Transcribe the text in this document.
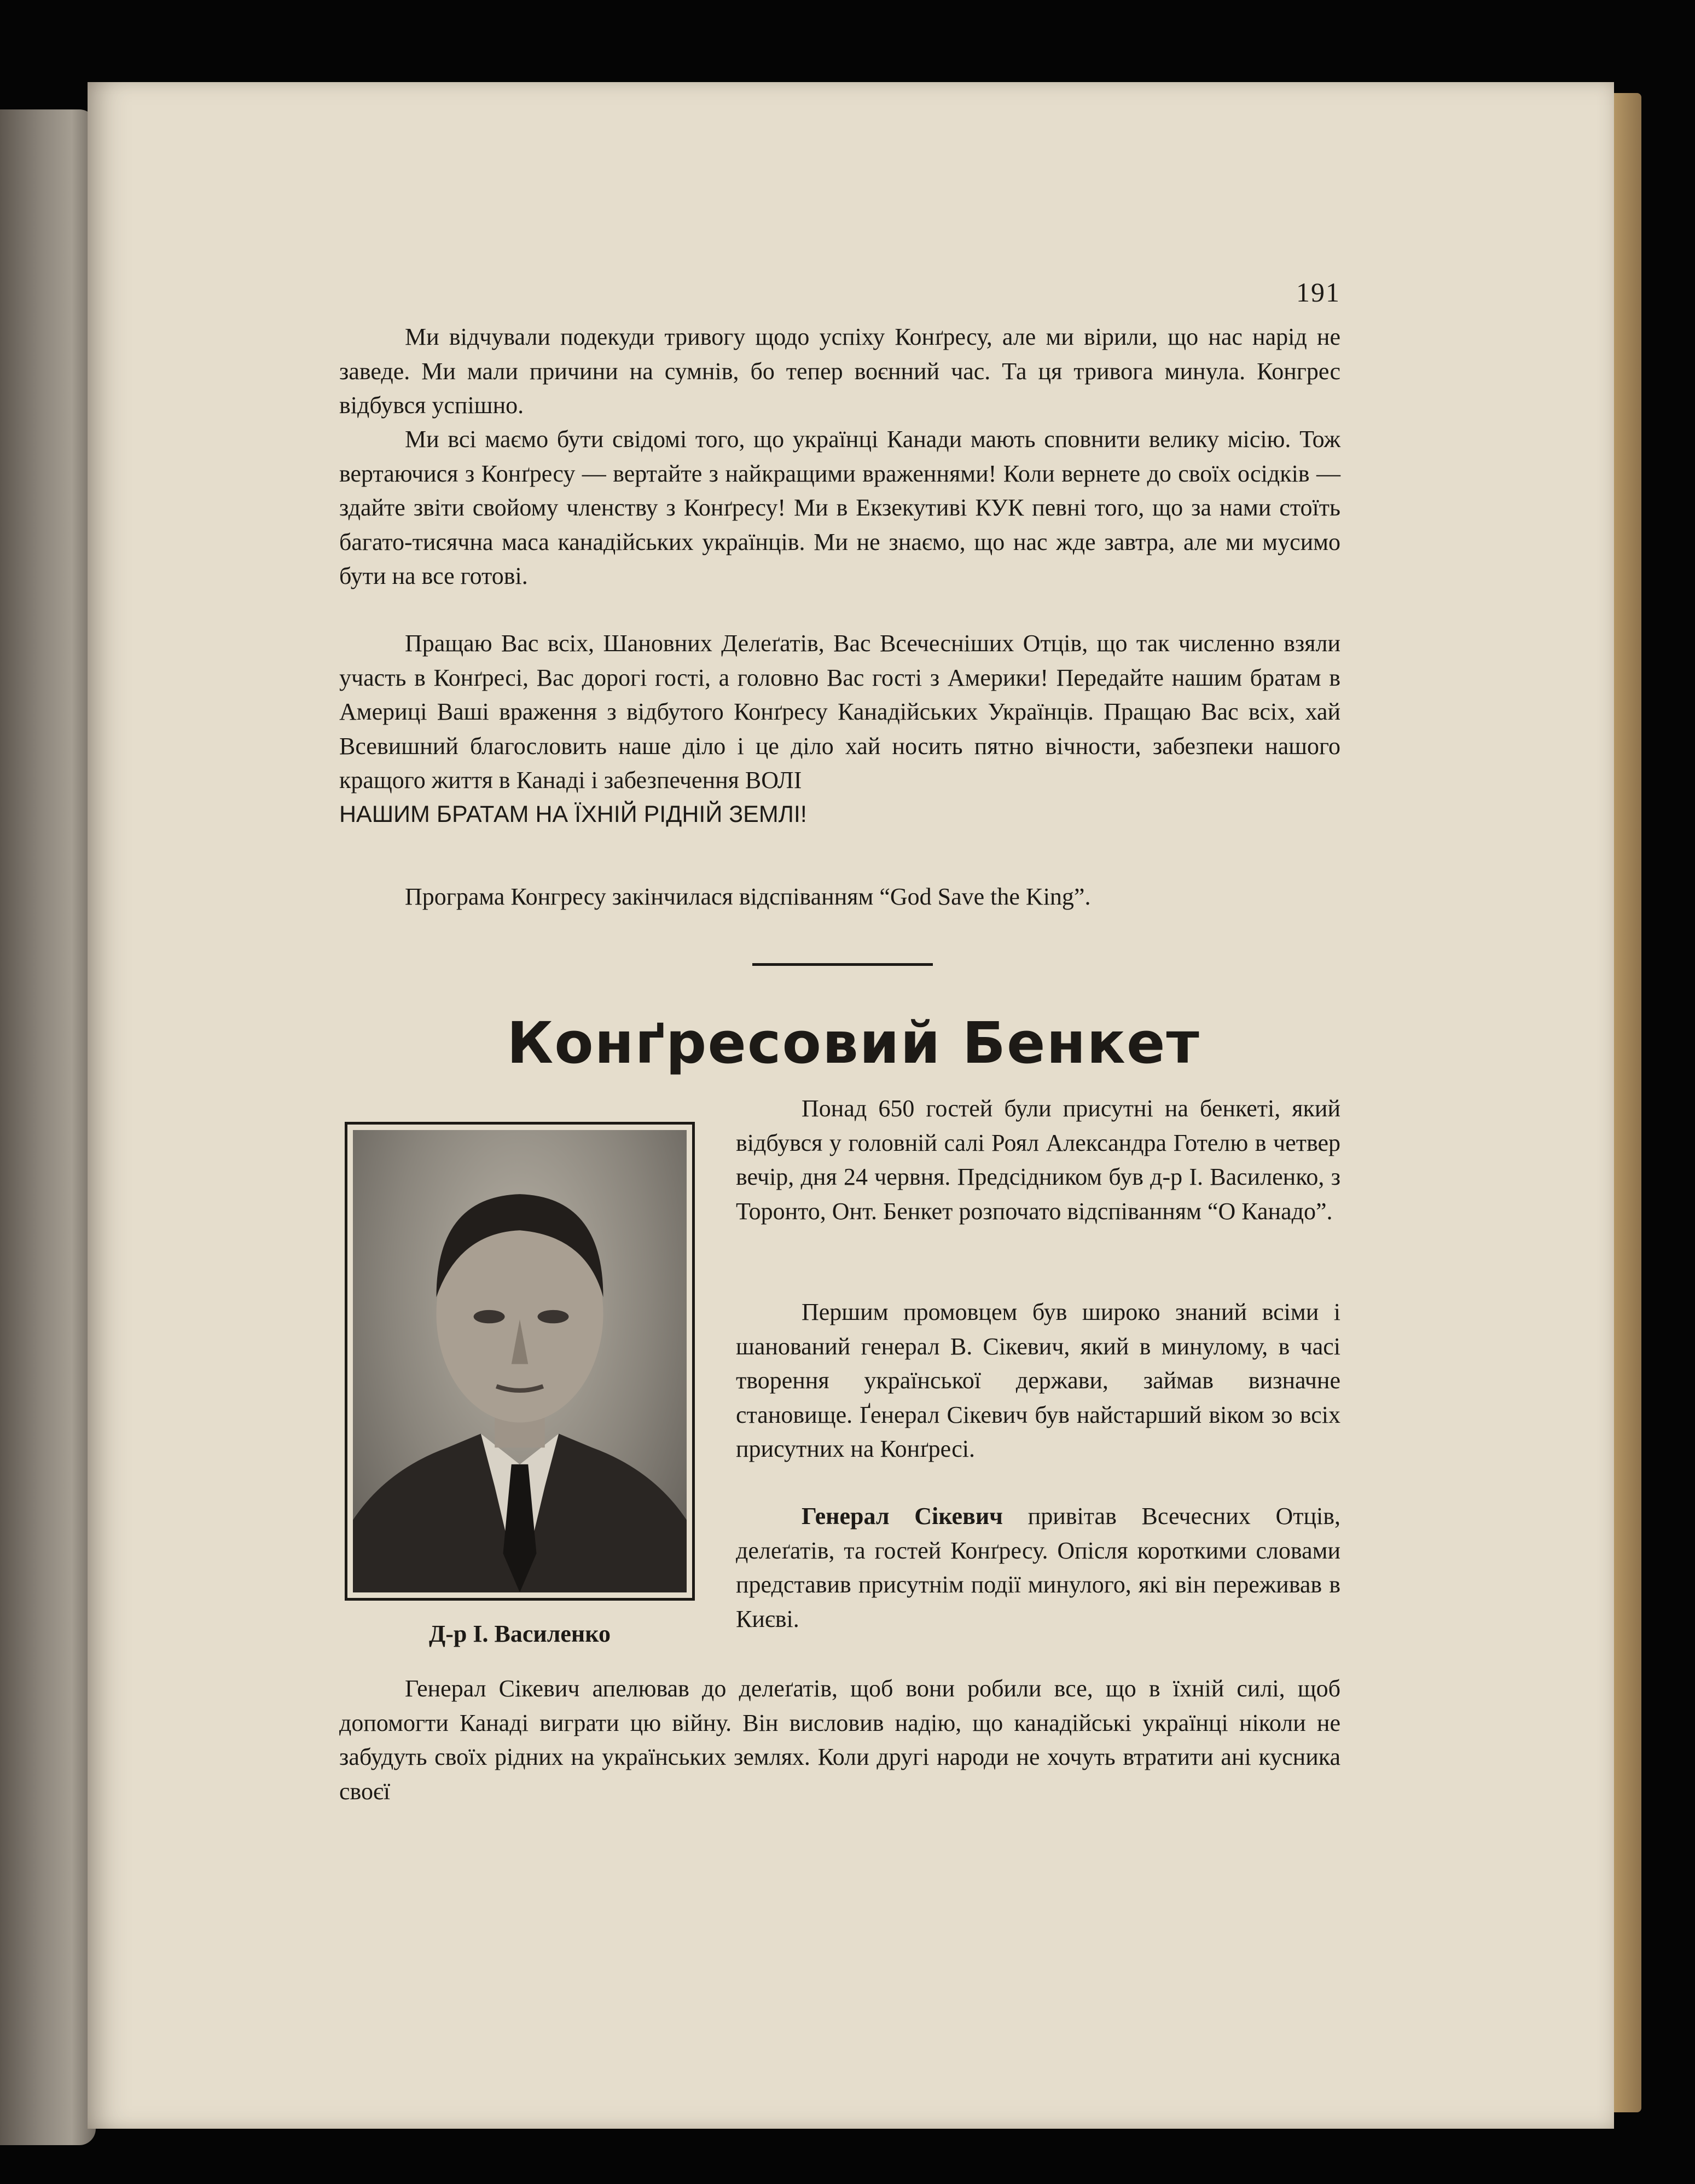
191

Ми відчували подекуди тривогу щодо успіху Конґресу, але ми вірили, що нас нарід не заведе. Ми мали причини на сумнів, бо тепер воєнний час. Та ця тривога минула. Конгрес відбувся успішно.

Ми всі маємо бути свідомі того, що українці Канади мають сповнити велику місію. Тож вертаючися з Конґресу — вертайте з найкращими враженнями! Коли вернете до своїх осідків — здайте звіти свойому членству з Конґресу! Ми в Екзекутиві КУК певні того, що за нами стоїть багато-тисячна маса канадійських українців. Ми не знаємо, що нас жде завтра, але ми мусимо бути на все готові.

Пращаю Вас всіх, Шановних Делеґатів, Вас Всечесніших Отців, що так численно взяли участь в Конґресі, Вас дорогі гості, а головно Вас гості з Америки! Передайте нашим братам в Америці Ваші враження з відбутого Конґресу Канадійських Українців. Пращаю Вас всіх, хай Всевишний благословить наше діло і це діло хай носить пятно вічности, забезпеки нашого кращого життя в Канаді і забезпечення ВОЛІ

НАШИМ БРАТАМ НА ЇХНІЙ РІДНІЙ ЗЕМЛІ!

Програма Конгресу закінчилася відспіванням “God Save the King”.

Конґресовий Бенкет
Д-р І. Василенко

Понад 650 гостей були присутні на бенкеті, який відбувся у головній салі Роял Александра Готелю в четвер вечір, дня 24 червня. Предсідником був д-р І. Василенко, з Торонто, Онт. Бенкет розпочато відспіванням “О Канадо”.

Першим промовцем був широко знаний всіми і шанований генерал В. Сікевич, який в минулому, в часі творення української держави, займав визначне становище. Ґенерал Сікевич був найстарший віком зо всіх присутних на Конґресі.

Генерал Сікевич привітав Всечесних Отців, делеґатів, та гостей Конґресу. Опісля короткими словами представив присутнім події минулого, які він переживав в Києві.

Генерал Сікевич апелював до делеґатів, щоб вони робили все, що в їхній силі, щоб допомогти Канаді виграти цю війну. Він висловив надію, що канадійські українці ніколи не забудуть своїх рідних на українських землях. Коли другі народи не хочуть втратити ані кусника своєї
